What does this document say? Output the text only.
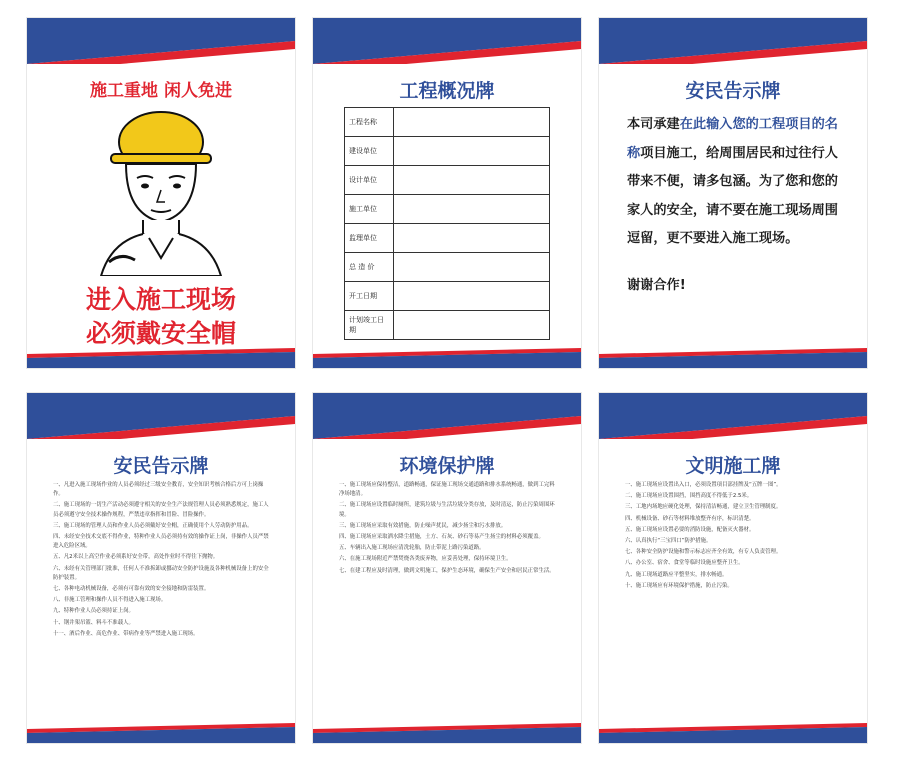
施工重地 闲人免进
进入施工现场
必须戴安全帽
工程概况牌
工程名称	
建设单位	
设计单位	
施工单位	
监理单位	
总 造 价	
开工日期	
计划竣工日期	
安民告示牌
本司承建在此输入您的工程项目的名称项目施工，给周围居民和过往行人带来不便，请多包涵。为了您和您的家人的安全，请不要在施工现场周围逗留，更不要进入施工现场。
谢谢合作!
安民告示牌
一、凡进入施工现场作业的人员必须经过三级安全教育，安全知识考核合格后方可上岗操作。
二、施工现场的一切生产活动必须遵守相关的安全生产法规管理人员必须熟悉规定，施工人员必须遵守安全技术操作规程，严禁违章指挥和冒险、冒险操作。
三、施工现场的管理人员和作业人员必须戴好安全帽，正确使用个人劳动防护用品。
四、未经安全技术交底不得作业，特种作业人员必须持有效的操作证上岗，非操作人员严禁进入危险区域。
五、凡2米以上高空作业必须系好安全带，高处作业时不得往下抛物。
六、未经有关管理部门批准，任何人不准拆卸或挪动安全防护设施及各种机械设备上的安全防护装置。
七、各种电动机械设备，必须有可靠有效的安全接地和防雷装置。
八、非施工管理和操作人员不得进入施工现场。
九、特种作业人员必须持证上岗。
十、钢井架吊篮、料斗不准载人。
十一、酒后作业、高危作业、带病作业等严禁进入施工现场。
环境保护牌
一、施工现场应保持整洁，道路畅通，保证施工现场交通道路和排水系统畅通，做到工完料净场地清。
二、施工现场应设置临时厕所，建筑垃圾与生活垃圾分类存放，及时清运，防止污染周围环境。
三、施工现场应采取有效措施，防止噪声扰民，减少扬尘和污水排放。
四、施工现场应采取洒水降尘措施，土方、石灰、砂石等易产生扬尘的材料必须覆盖。
五、车辆出入施工现场应清洗轮胎，防止带泥上路污染道路。
六、在施工现场附近严禁焚烧各类废弃物，应妥善处理，保持环境卫生。
七、在建工程应及时清理，做到文明施工，保护生态环境，确保生产安全和居民正常生活。
文明施工牌
一、施工现场应设置出入口，必须设置项目部挂牌及“五牌一图”。
二、施工现场应设置围挡，围挡高度不得低于2.5米。
三、工地内场地应硬化处理，保持清洁畅通，建立卫生管理制度。
四、机械设备、砂石等材料堆放整齐有序，标识清楚。
五、施工现场应设置必要的消防设施，配备灭火器材。
六、认真执行“三宝四口”防护措施。
七、各种安全防护设施和警示标志应齐全有效，有专人负责管理。
八、办公室、宿舍、食堂等临时设施应整齐卫生。
九、施工现场道路应平整坚实，排水畅通。
十、施工现场应有环境保护措施，防止污染。
